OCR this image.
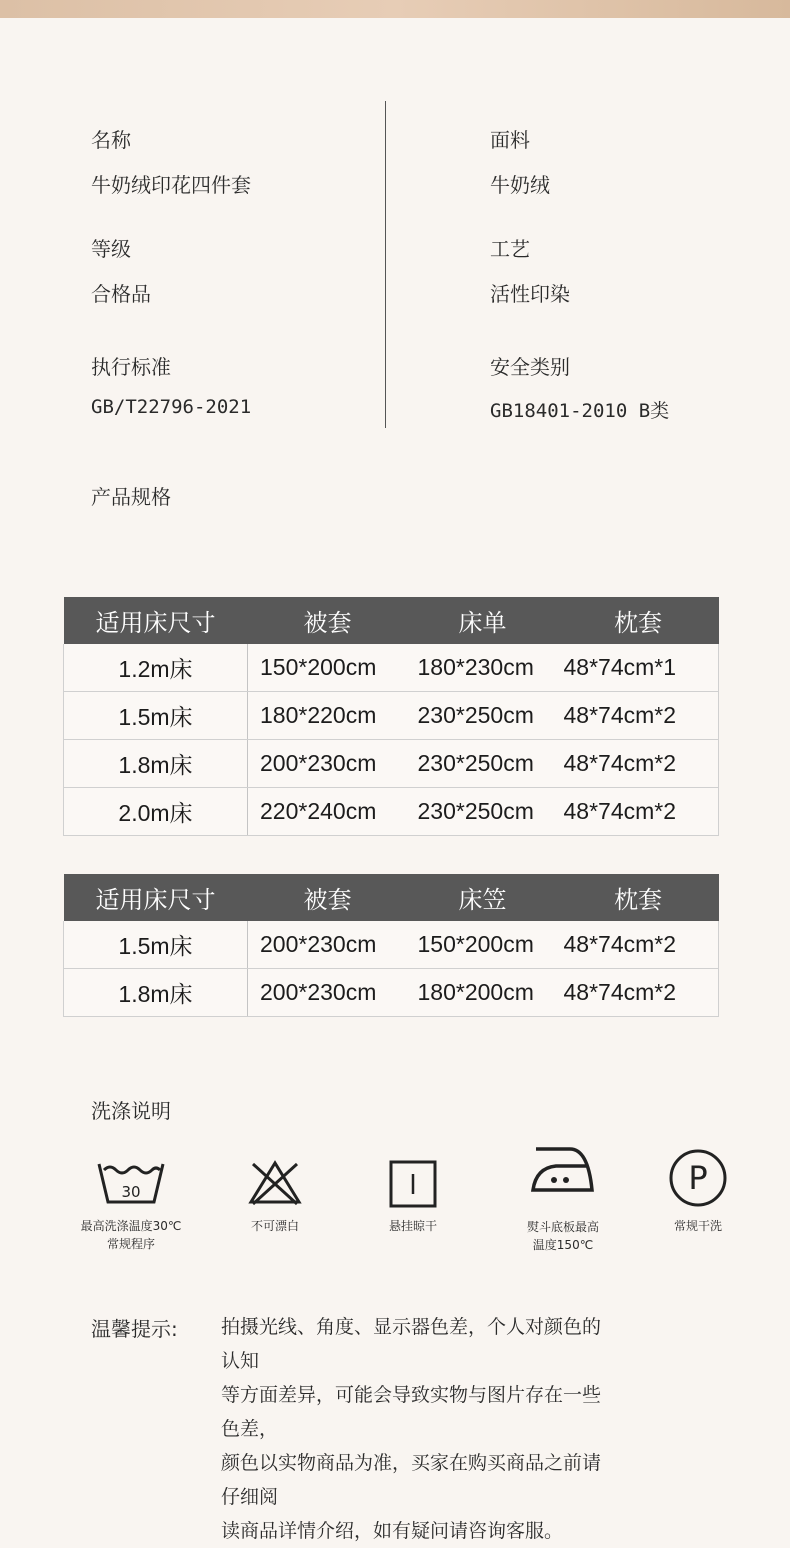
名称
牛奶绒印花四件套
面料
牛奶绒
等级
合格品
工艺
活性印染
执行标准
GB/T22796-2021
安全类别
GB18401-2010 B类
产品规格
适用床尺寸	被套	床单	枕套
1.2m床	150*200cm	180*230cm	48*74cm*1
1.5m床	180*220cm	230*250cm	48*74cm*2
1.8m床	200*230cm	230*250cm	48*74cm*2
2.0m床	220*240cm	230*250cm	48*74cm*2
适用床尺寸	被套	床笠	枕套
1.5m床	200*230cm	150*200cm	48*74cm*2
1.8m床	200*230cm	180*200cm	48*74cm*2
洗涤说明
30
最高洗涤温度30℃
常规程序
不可漂白	悬挂晾干	熨斗底板最高
温度150℃
P
常规干洗
温馨提示: 拍摄光线、角度、显示器色差，个人对颜色的认知
等方面差异，可能会导致实物与图片存在一些色差，
颜色以实物商品为准，买家在购买商品之前请仔细阅
读商品详情介绍，如有疑问请咨询客服。
